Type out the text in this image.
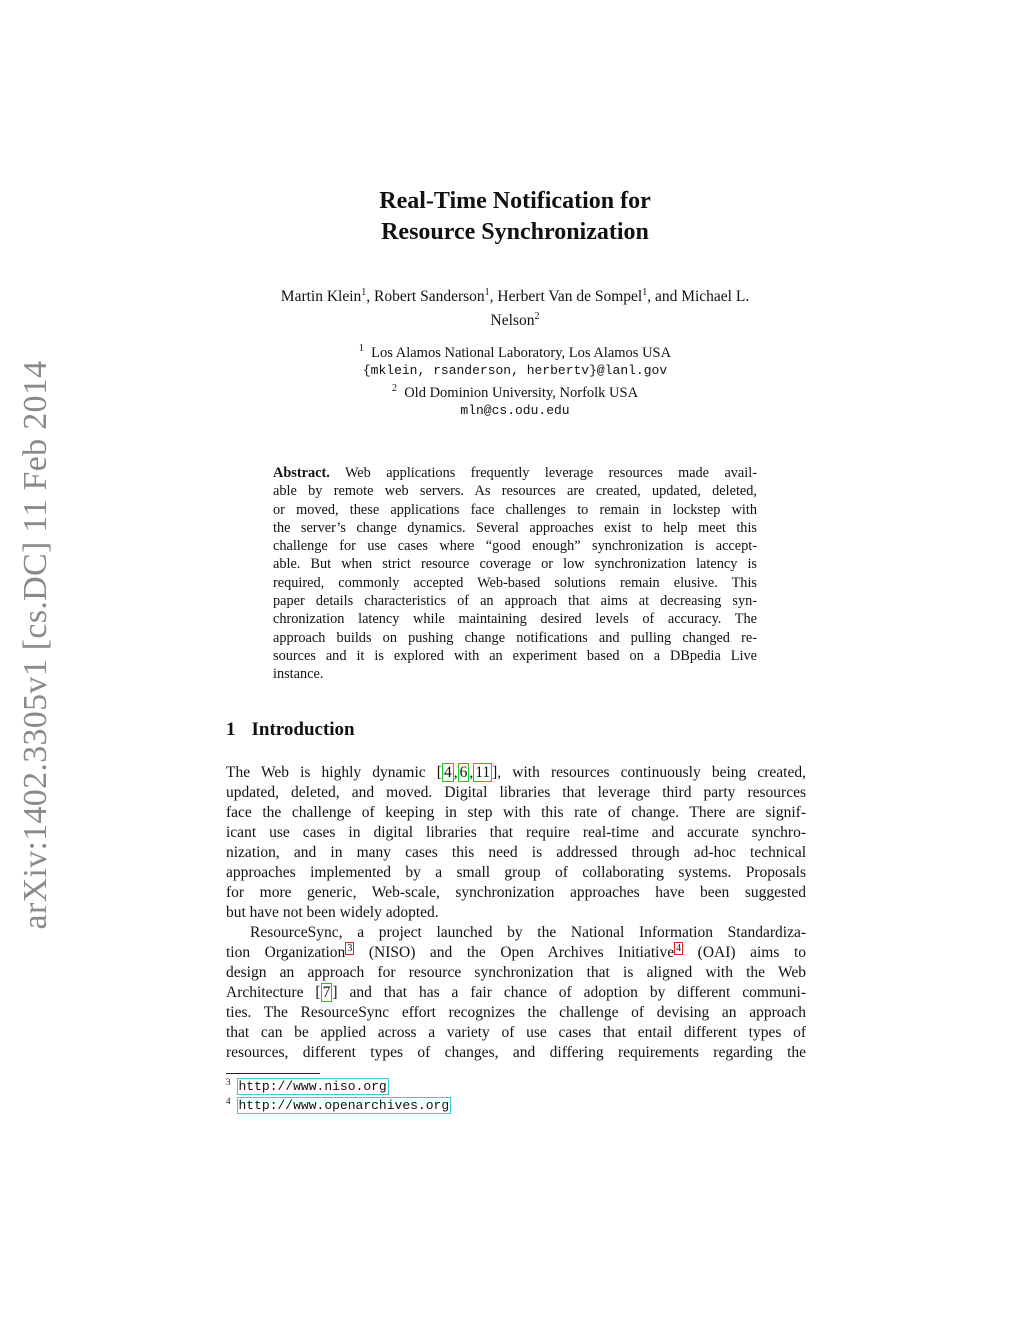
arXiv:1402.3305v1 [cs.DC] 11 Feb 2014
Real-Time Notification for
Resource Synchronization
Martin Klein$^1$, Robert Sanderson$^1$, Herbert Van de Sompel$^1$, and Michael L.
Nelson$^2$
$^1$ Los Alamos National Laboratory, Los Alamos USA
{mklein, rsanderson, herbertv}@lanl.gov
$^2$ Old Dominion University, Norfolk USA
mln@cs.odu.edu
Abstract. Web applications frequently leverage resources made avail-
able by remote web servers. As resources are created, updated, deleted,
or moved, these applications face challenges to remain in lockstep with
the server’s change dynamics. Several approaches exist to help meet this
challenge for use cases where “good enough” synchronization is accept-
able. But when strict resource coverage or low synchronization latency is
required, commonly accepted Web-based solutions remain elusive. This
paper details characteristics of an approach that aims at decreasing syn-
chronization latency while maintaining desired levels of accuracy. The
approach builds on pushing change notifications and pulling changed re-
sources and it is explored with an experiment based on a DBpedia Live
instance.
1 Introduction
The Web is highly dynamic [ 4 , 6 , 11 ], with resources continuously being created,
updated, deleted, and moved. Digital libraries that leverage third party resources
face the challenge of keeping in step with this rate of change. There are signif-
icant use cases in digital libraries that require real-time and accurate synchro-
nization, and in many cases this need is addressed through ad-hoc technical
approaches implemented by a small group of collaborating systems. Proposals
for more generic, Web-scale, synchronization approaches have been suggested
but have not been widely adopted.
ResourceSync, a project launched by the National Information Standardiza-
tion Organization $^3$ (NISO) and the Open Archives Initiative $^4$ (OAI) aims to
design an approach for resource synchronization that is aligned with the Web
Architecture [ 7 ] and that has a fair chance of adoption by different communi-
ties. The ResourceSync effort recognizes the challenge of devising an approach
that can be applied across a variety of use cases that entail different types of
resources, different types of changes, and differing requirements regarding the
$^3$ http://www.niso.org
$^4$ http://www.openarchives.org
